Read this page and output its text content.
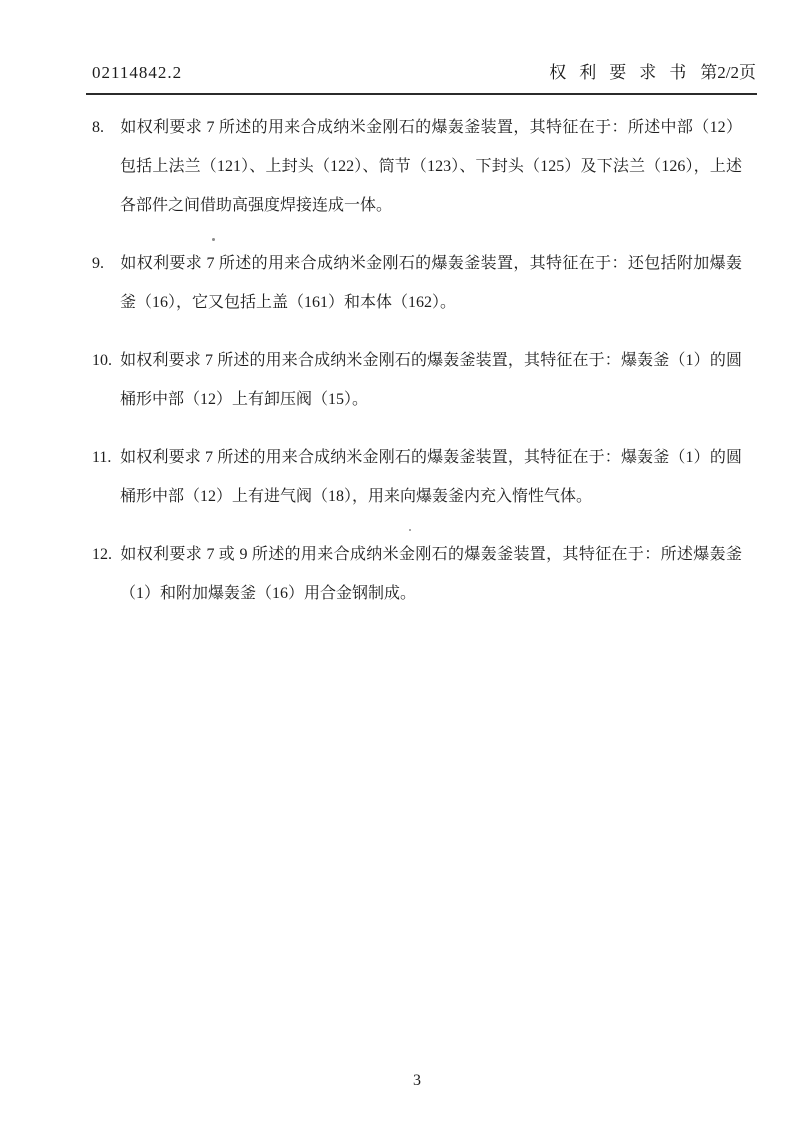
02114842.2	权利要求书 第2/2页

8. 如权利要求 7 所述的用来合成纳米金刚石的爆轰釜装置，其特征在于：所述中部（12）包括上法兰（121）、上封头（122）、筒节（123）、下封头（125）及下法兰（126），上述各部件之间借助高强度焊接连成一体。

9. 如权利要求 7 所述的用来合成纳米金刚石的爆轰釜装置，其特征在于：还包括附加爆轰釜（16），它又包括上盖（161）和本体（162）。

10. 如权利要求 7 所述的用来合成纳米金刚石的爆轰釜装置，其特征在于：爆轰釜（1）的圆桶形中部（12）上有卸压阀（15）。

11. 如权利要求 7 所述的用来合成纳米金刚石的爆轰釜装置，其特征在于：爆轰釜（1）的圆桶形中部（12）上有进气阀（18），用来向爆轰釜内充入惰性气体。

12. 如权利要求 7 或 9 所述的用来合成纳米金刚石的爆轰釜装置，其特征在于：所述爆轰釜（1）和附加爆轰釜（16）用合金钢制成。

3
